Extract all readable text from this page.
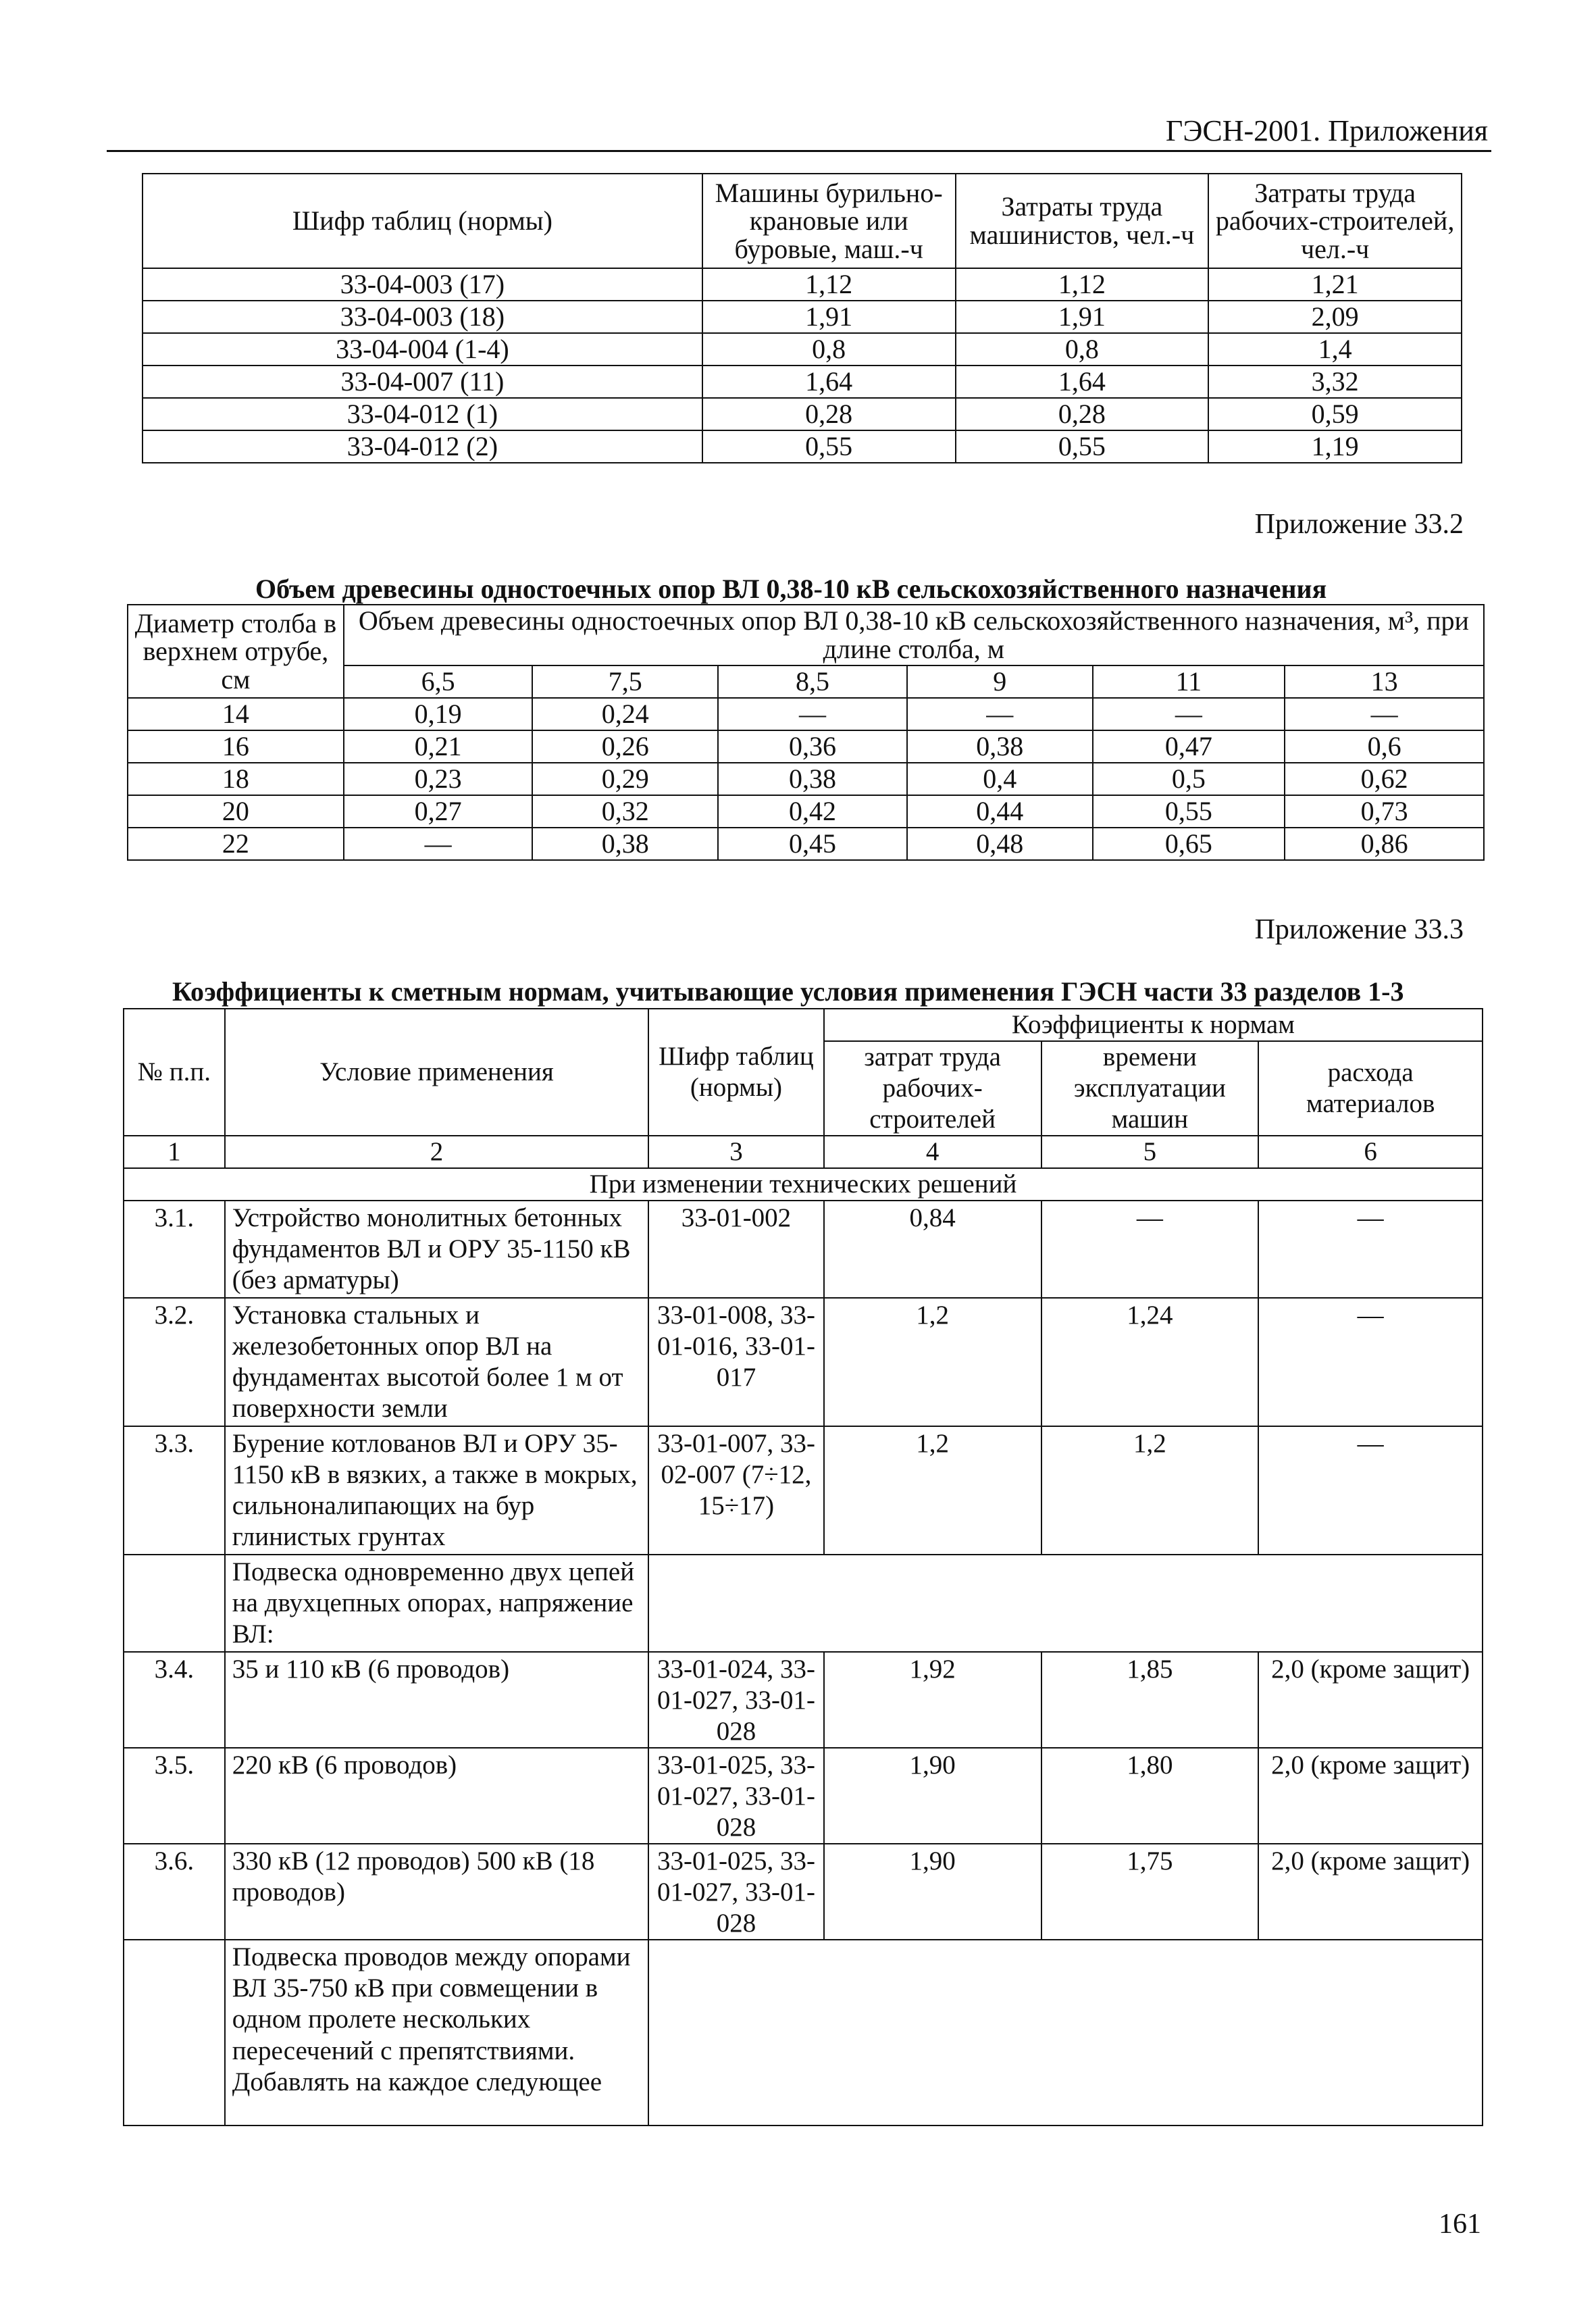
ГЭСН-2001. Приложения
Шифр таблиц (нормы)	Машины бурильно-крановые или буровые, маш.-ч	Затраты труда машинистов, чел.-ч	Затраты труда рабочих-строителей, чел.-ч
33-04-003 (17)	1,12	1,12	1,21
33-04-003 (18)	1,91	1,91	2,09
33-04-004 (1-4)	0,8	0,8	1,4
33-04-007 (11)	1,64	1,64	3,32
33-04-012 (1)	0,28	0,28	0,59
33-04-012 (2)	0,55	0,55	1,19
Приложение 33.2
Объем древесины одностоечных опор ВЛ 0,38-10 кВ сельскохозяйственного назначения
Диаметр столба в верхнем отрубе, см	Объем древесины одностоечных опор ВЛ 0,38-10 кВ сельскохозяйственного назначения, м³, при длине столба, м					
	6,5	7,5	8,5	9	11	13
14	0,19	0,24	—	—	—	—
16	0,21	0,26	0,36	0,38	0,47	0,6
18	0,23	0,29	0,38	0,4	0,5	0,62
20	0,27	0,32	0,42	0,44	0,55	0,73
22	—	0,38	0,45	0,48	0,65	0,86
Приложение 33.3
Коэффициенты к сметным нормам, учитывающие условия применения ГЭСН части 33 разделов 1-3
№ п.п.	Условие применения	Шифр таблиц (нормы)	Коэффициенты к нормам		
			затрат труда рабочих-строителей	времени эксплуатации машин	расхода материалов
1	2	3	4	5	6
При изменении технических решений					
3.1.	Устройство монолитных бетонных фундаментов ВЛ и ОРУ 35-1150 кВ (без арматуры)	33-01-002	0,84	—	—
3.2.	Установка стальных и железобетонных опор ВЛ на фундаментах высотой более 1 м от поверхности земли	33-01-008, 33-01-016, 33-01-017	1,2	1,24	—
3.3.	Бурение котлованов ВЛ и ОРУ 35-1150 кВ в вязких, а также в мокрых, сильноналипающих на бур глинистых грунтах	33-01-007, 33-02-007 (7÷12, 15÷17)	1,2	1,2	—
	Подвеска одновременно двух цепей на двухцепных опорах, напряжение ВЛ:				
3.4.	35 и 110 кВ (6 проводов)	33-01-024, 33-01-027, 33-01-028	1,92	1,85	2,0 (кроме защит)
3.5.	220 кВ (6 проводов)	33-01-025, 33-01-027, 33-01-028	1,90	1,80	2,0 (кроме защит)
3.6.	330 кВ (12 проводов) 500 кВ (18 проводов)	33-01-025, 33-01-027, 33-01-028	1,90	1,75	2,0 (кроме защит)
	Подвеска проводов между опорами ВЛ 35-750 кВ при совмещении в одном пролете нескольких пересечений с препятствиями. Добавлять на каждое следующее				
161
